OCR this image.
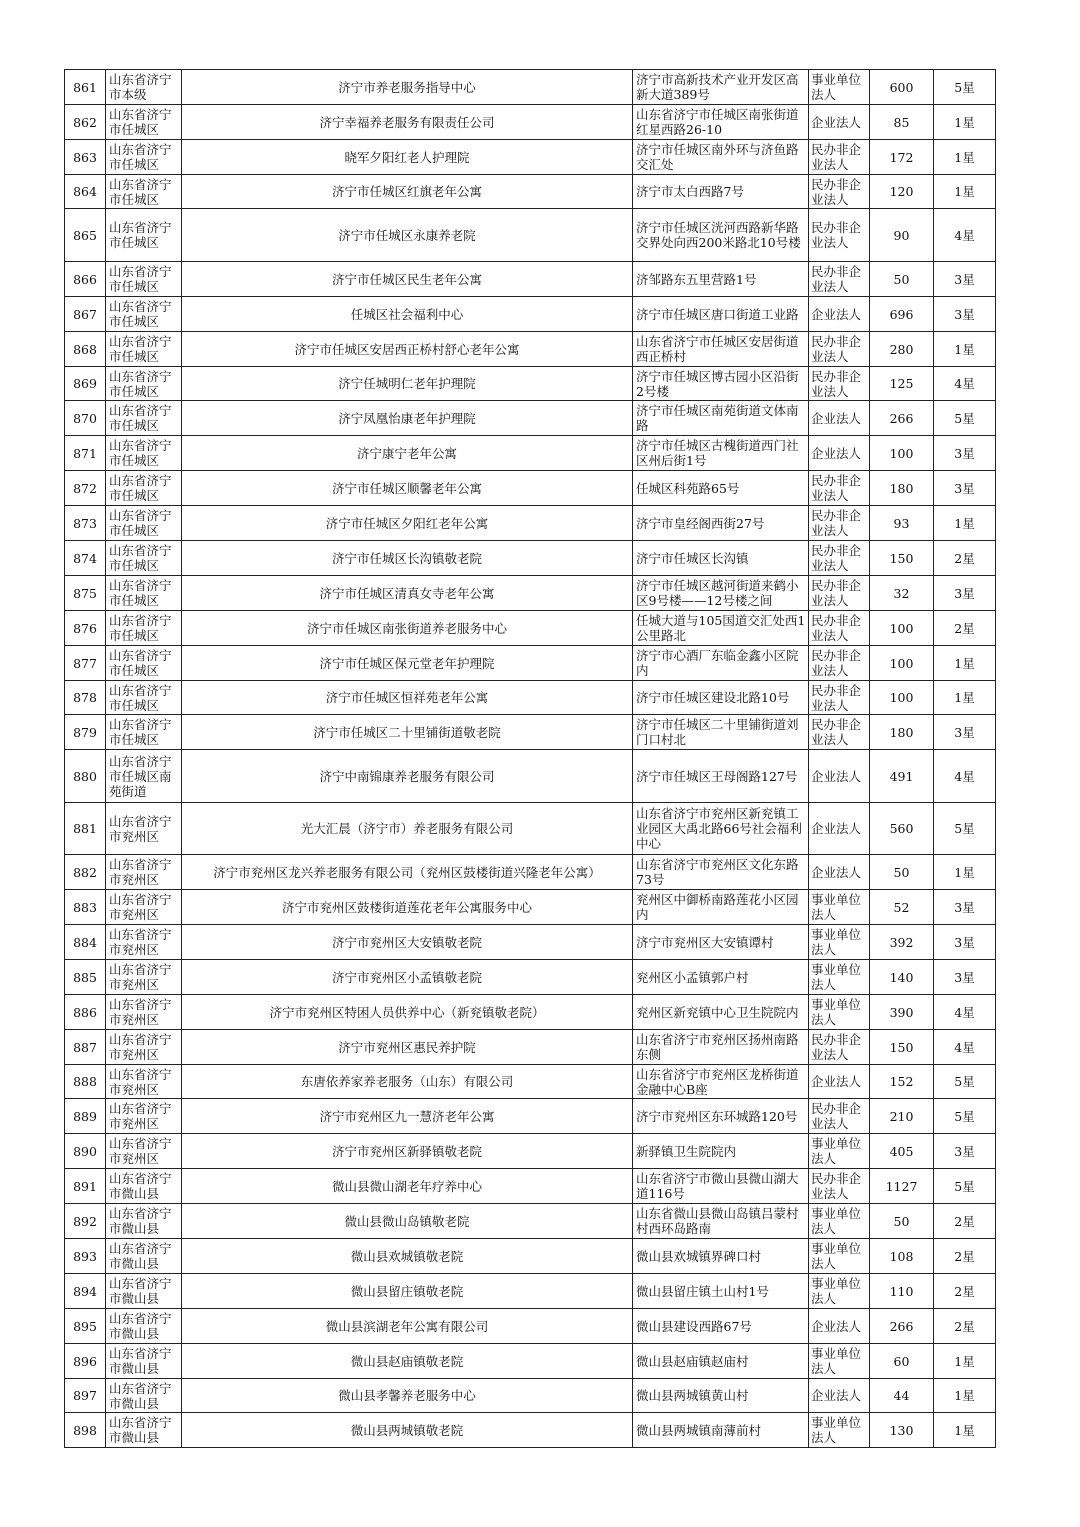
861	山东省济宁市本级	济宁市养老服务指导中心	济宁市高新技术产业开发区高新大道389号	事业单位法人	600	5星
862	山东省济宁市任城区	济宁幸福养老服务有限责任公司	山东省济宁市任城区南张街道红星西路26-10	企业法人	85	1星
863	山东省济宁市任城区	晓军夕阳红老人护理院	济宁市任城区南外环与济鱼路交汇处	民办非企业法人	172	1星
864	山东省济宁市任城区	济宁市任城区红旗老年公寓	济宁市太白西路7号	民办非企业法人	120	1星
865	山东省济宁市任城区	济宁市任城区永康养老院	济宁市任城区洸河西路新华路交界处向西200米路北10号楼	民办非企业法人	90	4星
866	山东省济宁市任城区	济宁市任城区民生老年公寓	济邹路东五里营路1号	民办非企业法人	50	3星
867	山东省济宁市任城区	任城区社会福利中心	济宁市任城区唐口街道工业路	企业法人	696	3星
868	山东省济宁市任城区	济宁市任城区安居西正桥村舒心老年公寓	山东省济宁市任城区安居街道西正桥村	民办非企业法人	280	1星
869	山东省济宁市任城区	济宁任城明仁老年护理院	济宁市任城区博古园小区沿街2号楼	民办非企业法人	125	4星
870	山东省济宁市任城区	济宁凤凰怡康老年护理院	济宁市任城区南苑街道文体南路	企业法人	266	5星
871	山东省济宁市任城区	济宁康宁老年公寓	济宁市任城区古槐街道西门社区州后街1号	企业法人	100	3星
872	山东省济宁市任城区	济宁市任城区顺馨老年公寓	任城区科苑路65号	民办非企业法人	180	3星
873	山东省济宁市任城区	济宁市任城区夕阳红老年公寓	济宁市皇经阁西街27号	民办非企业法人	93	1星
874	山东省济宁市任城区	济宁市任城区长沟镇敬老院	济宁市任城区长沟镇	民办非企业法人	150	2星
875	山东省济宁市任城区	济宁市任城区清真女寺老年公寓	济宁市任城区越河街道来鹤小区9号楼——12号楼之间	民办非企业法人	32	3星
876	山东省济宁市任城区	济宁市任城区南张街道养老服务中心	任城大道与105国道交汇处西1公里路北	民办非企业法人	100	2星
877	山东省济宁市任城区	济宁市任城区保元堂老年护理院	济宁市心酒厂东临金鑫小区院内	民办非企业法人	100	1星
878	山东省济宁市任城区	济宁市任城区恒祥苑老年公寓	济宁市任城区建设北路10号	民办非企业法人	100	1星
879	山东省济宁市任城区	济宁市任城区二十里铺街道敬老院	济宁市任城区二十里铺街道刘门口村北	民办非企业法人	180	3星
880	山东省济宁市任城区南苑街道	济宁中南锦康养老服务有限公司	济宁市任城区王母阁路127号	企业法人	491	4星
881	山东省济宁市兖州区	光大汇晨（济宁市）养老服务有限公司	山东省济宁市兖州区新兖镇工业园区大禹北路66号社会福利中心	企业法人	560	5星
882	山东省济宁市兖州区	济宁市兖州区龙兴养老服务有限公司（兖州区鼓楼街道兴隆老年公寓）	山东省济宁市兖州区文化东路73号	企业法人	50	1星
883	山东省济宁市兖州区	济宁市兖州区鼓楼街道莲花老年公寓服务中心	兖州区中御桥南路莲花小区园内	事业单位法人	52	3星
884	山东省济宁市兖州区	济宁市兖州区大安镇敬老院	济宁市兖州区大安镇谭村	事业单位法人	392	3星
885	山东省济宁市兖州区	济宁市兖州区小孟镇敬老院	兖州区小孟镇郭户村	事业单位法人	140	3星
886	山东省济宁市兖州区	济宁市兖州区特困人员供养中心（新兖镇敬老院）	兖州区新兖镇中心卫生院院内	事业单位法人	390	4星
887	山东省济宁市兖州区	济宁市兖州区惠民养护院	山东省济宁市兖州区扬州南路东侧	民办非企业法人	150	4星
888	山东省济宁市兖州区	东唐依养家养老服务（山东）有限公司	山东省济宁市兖州区龙桥街道金融中心B座	企业法人	152	5星
889	山东省济宁市兖州区	济宁市兖州区九一慧济老年公寓	济宁市兖州区东环城路120号	民办非企业法人	210	5星
890	山东省济宁市兖州区	济宁市兖州区新驿镇敬老院	新驿镇卫生院院内	事业单位法人	405	3星
891	山东省济宁市微山县	微山县微山湖老年疗养中心	山东省济宁市微山县微山湖大道116号	民办非企业法人	1127	5星
892	山东省济宁市微山县	微山县微山岛镇敬老院	山东省微山县微山岛镇吕蒙村村西环岛路南	事业单位法人	50	2星
893	山东省济宁市微山县	微山县欢城镇敬老院	微山县欢城镇界碑口村	事业单位法人	108	2星
894	山东省济宁市微山县	微山县留庄镇敬老院	微山县留庄镇土山村1号	事业单位法人	110	2星
895	山东省济宁市微山县	微山县滨湖老年公寓有限公司	微山县建设西路67号	企业法人	266	2星
896	山东省济宁市微山县	微山县赵庙镇敬老院	微山县赵庙镇赵庙村	事业单位法人	60	1星
897	山东省济宁市微山县	微山县孝馨养老服务中心	微山县两城镇黄山村	企业法人	44	1星
898	山东省济宁市微山县	微山县两城镇敬老院	微山县两城镇南薄前村	事业单位法人	130	1星
